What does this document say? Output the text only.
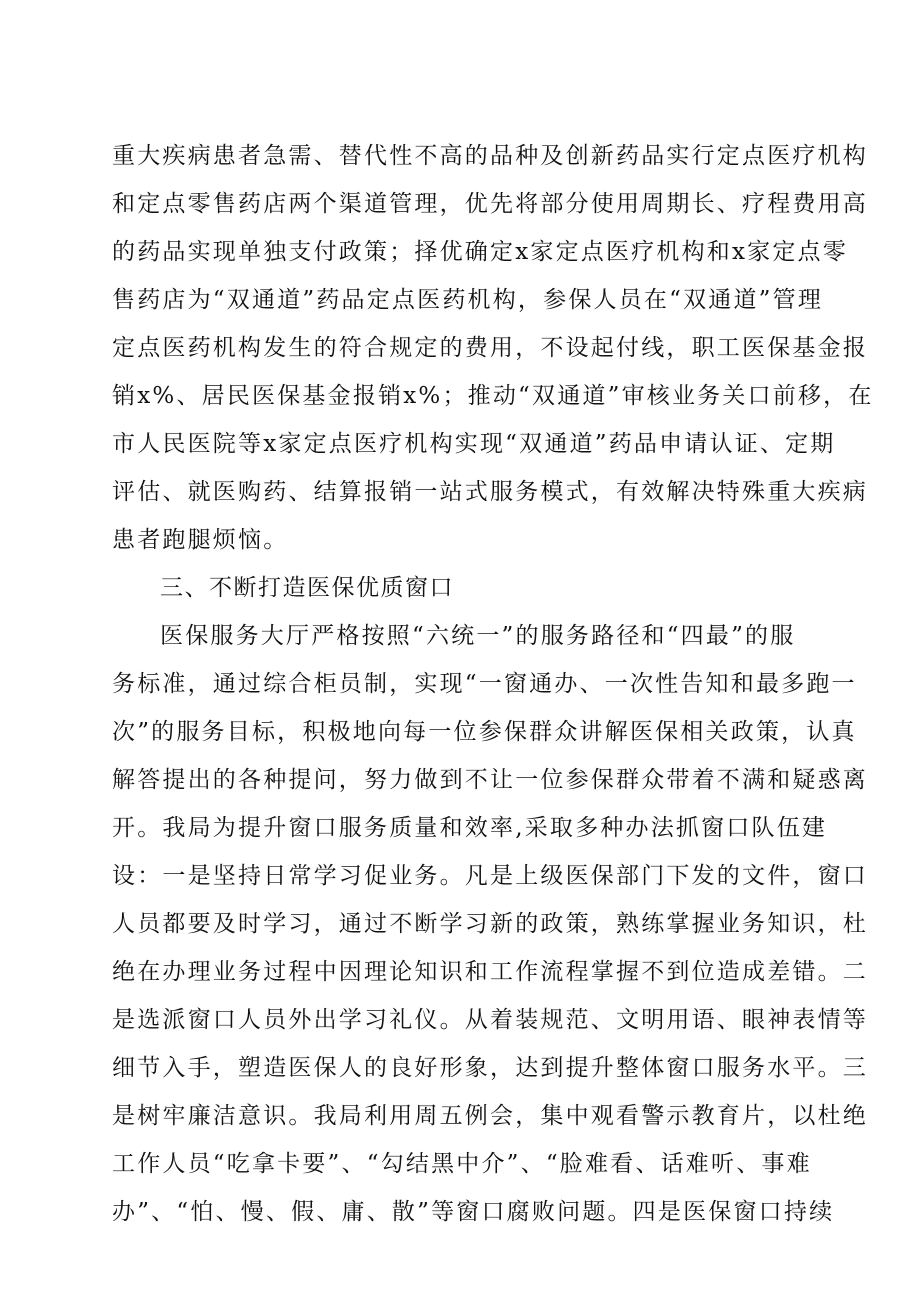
重大疾病患者急需、替代性不高的品种及创新药品实行定点医疗机构
和定点零售药店两个渠道管理，优先将部分使用周期长、疗程费用高
的药品实现单独支付政策；择优确定x家定点医疗机构和x家定点零
售药店为“双通道”药品定点医药机构，参保人员在“双通道”管理
定点医药机构发生的符合规定的费用，不设起付线，职工医保基金报
销x%、居民医保基金报销x%；推动“双通道”审核业务关口前移，在
市人民医院等x家定点医疗机构实现“双通道”药品申请认证、定期
评估、就医购药、结算报销一站式服务模式，有效解决特殊重大疾病
患者跑腿烦恼。
三、不断打造医保优质窗口
医保服务大厅严格按照“六统一”的服务路径和“四最”的服
务标准，通过综合柜员制，实现“一窗通办、一次性告知和最多跑一
次”的服务目标，积极地向每一位参保群众讲解医保相关政策，认真
解答提出的各种提问，努力做到不让一位参保群众带着不满和疑惑离
开。我局为提升窗口服务质量和效率,采取多种办法抓窗口队伍建
设：一是坚持日常学习促业务。凡是上级医保部门下发的文件，窗口
人员都要及时学习，通过不断学习新的政策，熟练掌握业务知识，杜
绝在办理业务过程中因理论知识和工作流程掌握不到位造成差错。二
是选派窗口人员外出学习礼仪。从着装规范、文明用语、眼神表情等
细节入手，塑造医保人的良好形象，达到提升整体窗口服务水平。三
是树牢廉洁意识。我局利用周五例会，集中观看警示教育片，以杜绝
工作人员“吃拿卡要”、“勾结黑中介”、“脸难看、话难听、事难
办”、“怕、慢、假、庸、散”等窗口腐败问题。四是医保窗口持续
